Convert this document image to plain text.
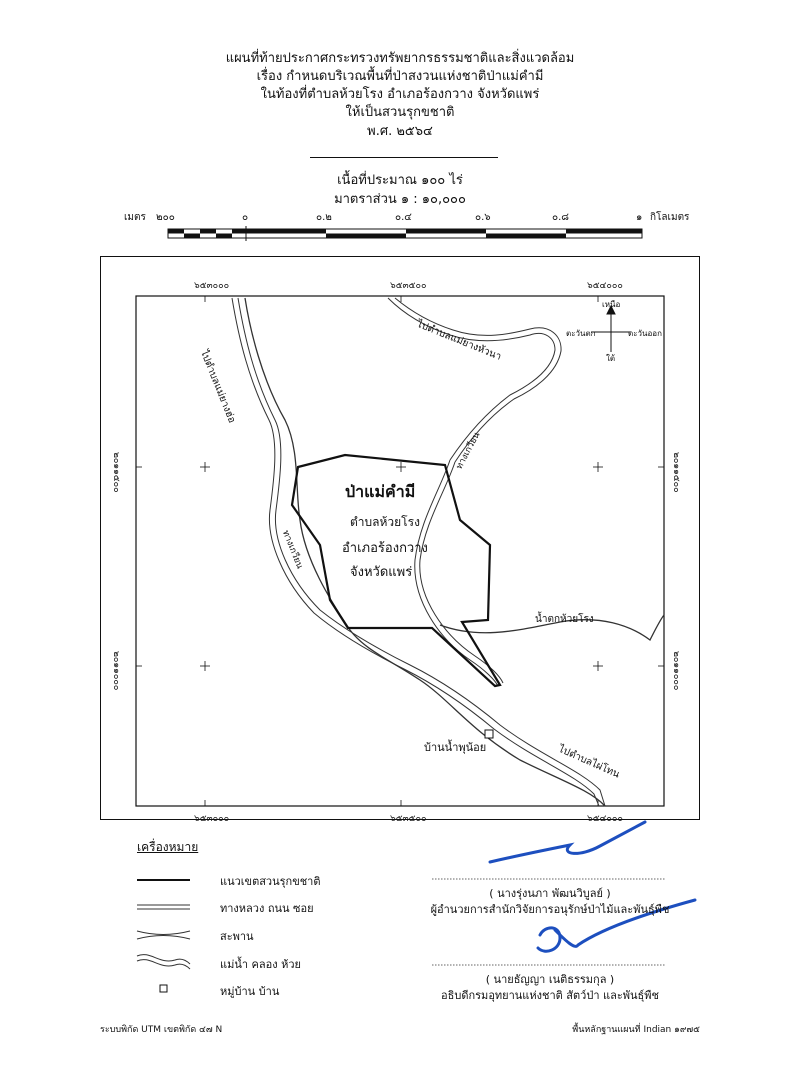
แผนที่ท้ายประกาศกระทรวงทรัพยากรธรรมชาติและสิ่งแวดล้อม
เรื่อง กำหนดบริเวณพื้นที่ป่าสงวนแห่งชาติป่าแม่คำมี
ในท้องที่ตำบลห้วยโรง อำเภอร้องกวาง จังหวัดแพร่
ให้เป็นสวนรุกขชาติ
พ.ศ. ๒๕๖๔
เนื้อที่ประมาณ ๑๐๐ ไร่
มาตราส่วน ๑ : ๑๐,๐๐๐
เมตร ๒๐๐	๐	๐.๒	๐.๔	๐.๖	๐.๘	๑ กิโลเมตร
๖๕๓๐๐๐	๖๕๓๕๐๐	๖๕๔๐๐๐
๖๕๓๐๐๐	๖๕๓๕๐๐	๖๕๔๐๐๐
๒๐๑๑๕๐๐
๒๐๑๑๐๐๐
๒๐๑๑๕๐๐
๒๐๑๑๐๐๐
เหนือ
ใต้
ตะวันตก	ตะวันออก
ป่าแม่คำมี
ตำบลห้วยโรง
อำเภอร้องกวาง
จังหวัดแพร่
ไปตำบลแม่ยางฮ่อ
ไปตำบลแม่ยางหัวนา
ทางเกวียน
ทางเกวียน
น้ำตกห้วยโรง
บ้านน้ำพุน้อย	ไปตำบลไผ่โทน
เครื่องหมาย
แนวเขตสวนรุกขชาติ
ทางหลวง ถนน ซอย
สะพาน
แม่น้ำ คลอง ห้วย
หมู่บ้าน บ้าน
( นางรุ่งนภา พัฒนวิบูลย์ )
ผู้อำนวยการสำนักวิจัยการอนุรักษ์ป่าไม้และพันธุ์พืช
( นายธัญญา เนติธรรมกุล )
อธิบดีกรมอุทยานแห่งชาติ สัตว์ป่า และพันธุ์พืช
ระบบพิกัด UTM เขตพิกัด ๔๗ N	พื้นหลักฐานแผนที่ Indian ๑๙๗๕
